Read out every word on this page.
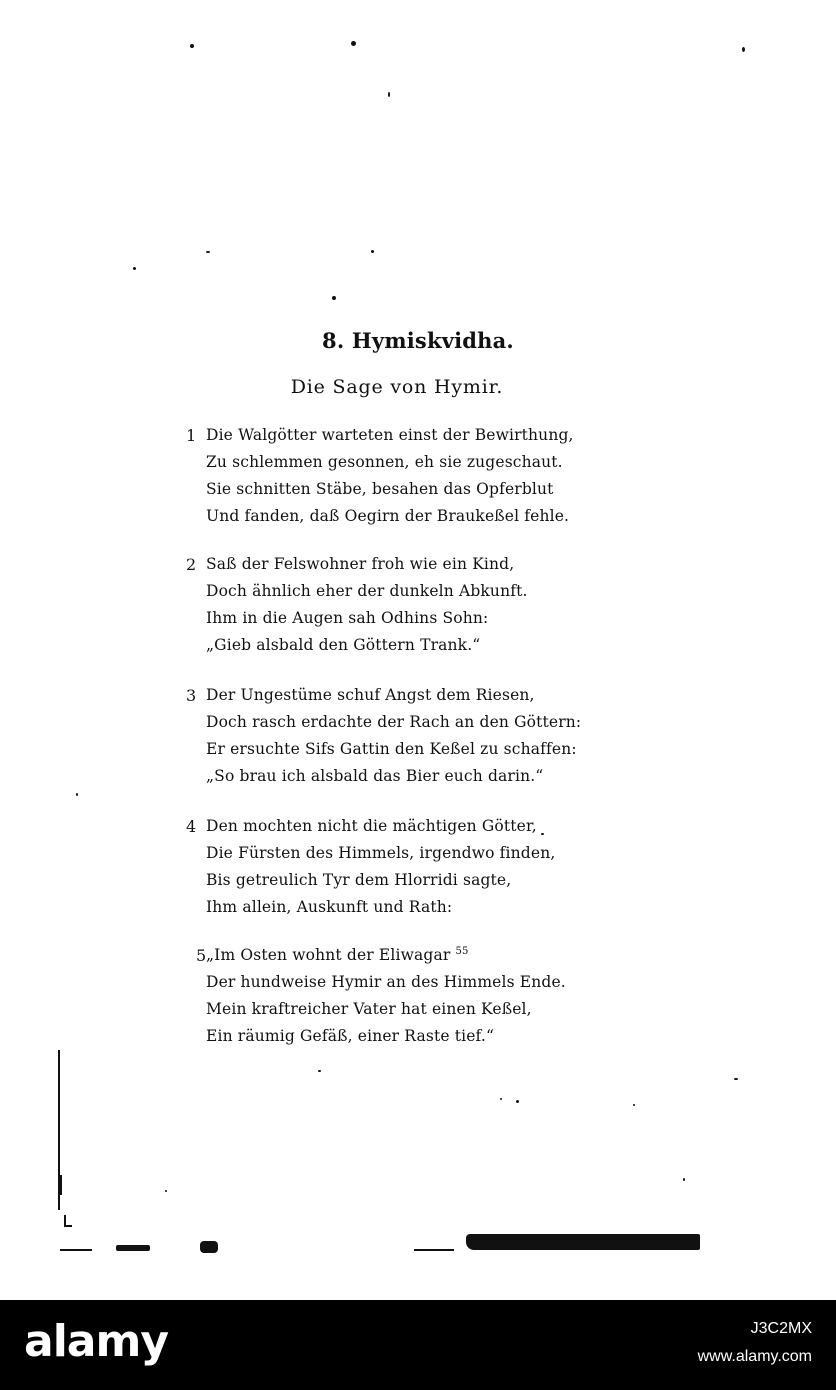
8. Hymiskvidha.
Die Sage von Hymir.
1 Die Walgötter warteten einst der Bewirthung,
Zu schlemmen gesonnen, eh sie zugeschaut.
Sie schnitten Stäbe, besahen das Opferblut
Und fanden, daß Oegirn der Braukeßel fehle.
2 Saß der Felswohner froh wie ein Kind,
Doch ähnlich eher der dunkeln Abkunft.
Ihm in die Augen sah Odhins Sohn:
„Gieb alsbald den Göttern Trank.“
3 Der Ungestüme schuf Angst dem Riesen,
Doch rasch erdachte der Rach an den Göttern:
Er ersuchte Sifs Gattin den Keßel zu schaffen:
„So brau ich alsbald das Bier euch darin.“
4 Den mochten nicht die mächtigen Götter,
Die Fürsten des Himmels, irgendwo finden,
Bis getreulich Tyr dem Hlorridi sagte,
Ihm allein, Auskunft und Rath:
5 „Im Osten wohnt der Eliwagar $^{55}$
Der hundweise Hymir an des Himmels Ende.
Mein kraftreicher Vater hat einen Keßel,
Ein räumig Gefäß, einer Raste tief.“
alamy	J3C2MX
www.alamy.com
